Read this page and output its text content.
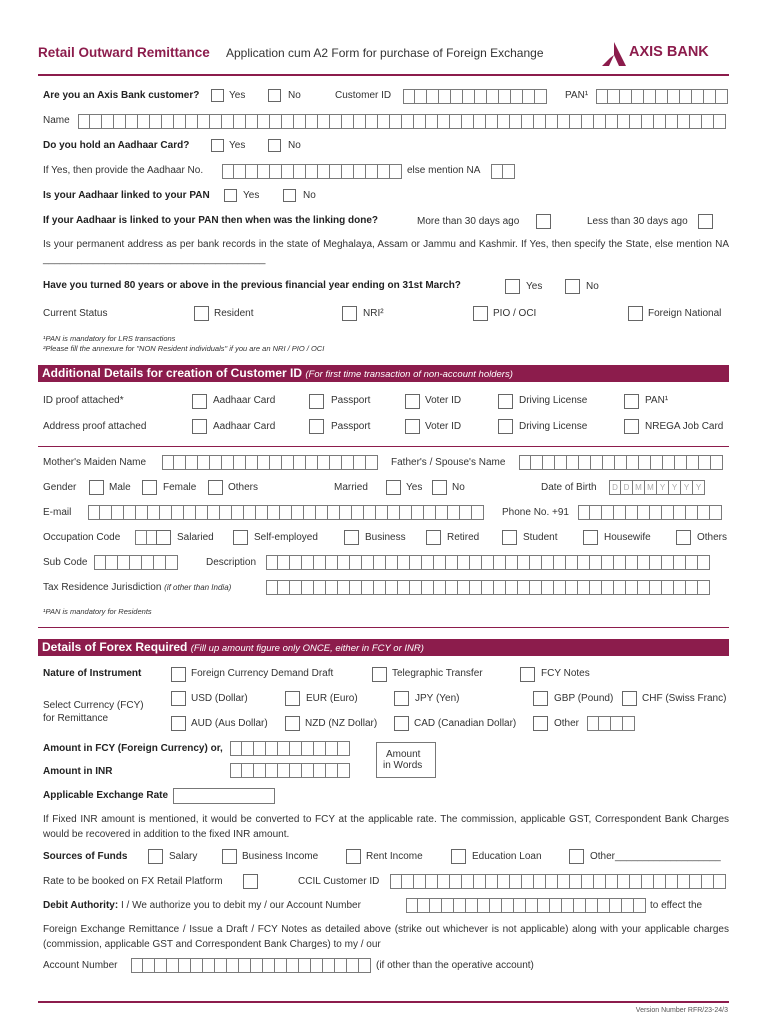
Retail Outward Remittance Application cum A2 Form for purchase of Foreign Exchange	AXIS BANK
Are you an Axis Bank customer?	Yes	No	Customer ID	PAN¹
Name
Do you hold an Aadhaar Card?	Yes	No
If Yes, then provide the Aadhaar No.	else mention NA
Is your Aadhaar linked to your PAN	Yes	No
If your Aadhaar is linked to your PAN then when was the linking done?	More than 30 days ago	Less than 30 days ago
Is your permanent address as per bank records in the state of Meghalaya, Assam or Jammu and Kashmir. If Yes, then specify the State, else mention NA ________________________________________
Have you turned 80 years or above in the previous financial year ending on 31st March?	Yes	No
Current Status	Resident	NRI²	PIO / OCI	Foreign National
¹PAN is mandatory for LRS transactions
²Please fill the annexure for "NON Resident individuals" if you are an NRI / PIO / OCI
Additional Details for creation of Customer ID (For first time transaction of non-account holders)
ID proof attached*	Aadhaar Card	Passport	Voter ID	Driving License	PAN¹
Address proof attached	Aadhaar Card	Passport	Voter ID	Driving License	NREGA Job Card
Mother's Maiden Name	Father's / Spouse's Name
Gender	Male	Female	Others	Married	Yes	No	Date of Birth	D D M M Y Y Y Y
E-mail	Phone No. +91
Occupation Code	Salaried	Self-employed	Business	Retired	Student	Housewife	Others
Sub Code	Description
Tax Residence Jurisdiction (if other than India)
¹PAN is mandatory for Residents
Details of Forex Required (Fill up amount figure only ONCE, either in FCY or INR)
Nature of Instrument	Foreign Currency Demand Draft	Telegraphic Transfer	FCY Notes
Select Currency (FCY)
for Remittance
USD (Dollar)	EUR (Euro)	JPY (Yen)	GBP (Pound)	CHF (Swiss Franc)
AUD (Aus Dollar)	NZD (NZ Dollar)	CAD (Canadian Dollar)	Other
Amount in FCY (Foreign Currency) or,
Amount in INR
Amount
in Words
Applicable Exchange Rate
If Fixed INR amount is mentioned, it would be converted to FCY at the applicable rate. The commission, applicable GST, Correspondent Bank Charges would be recovered in addition to the fixed INR amount.
Sources of Funds	Salary	Business Income	Rent Income	Education Loan	Other___________________
Rate to be booked on FX Retail Platform	CCIL Customer ID
Debit Authority: I / We authorize you to debit my / our Account Number	to effect the
Foreign Exchange Remittance / Issue a Draft / FCY Notes as detailed above (strike out whichever is not applicable) along with your applicable charges (commission, applicable GST and Correspondent Bank Charges) to my / our
Account Number	(if other than the operative account)
Version Number RFR/23-24/3
